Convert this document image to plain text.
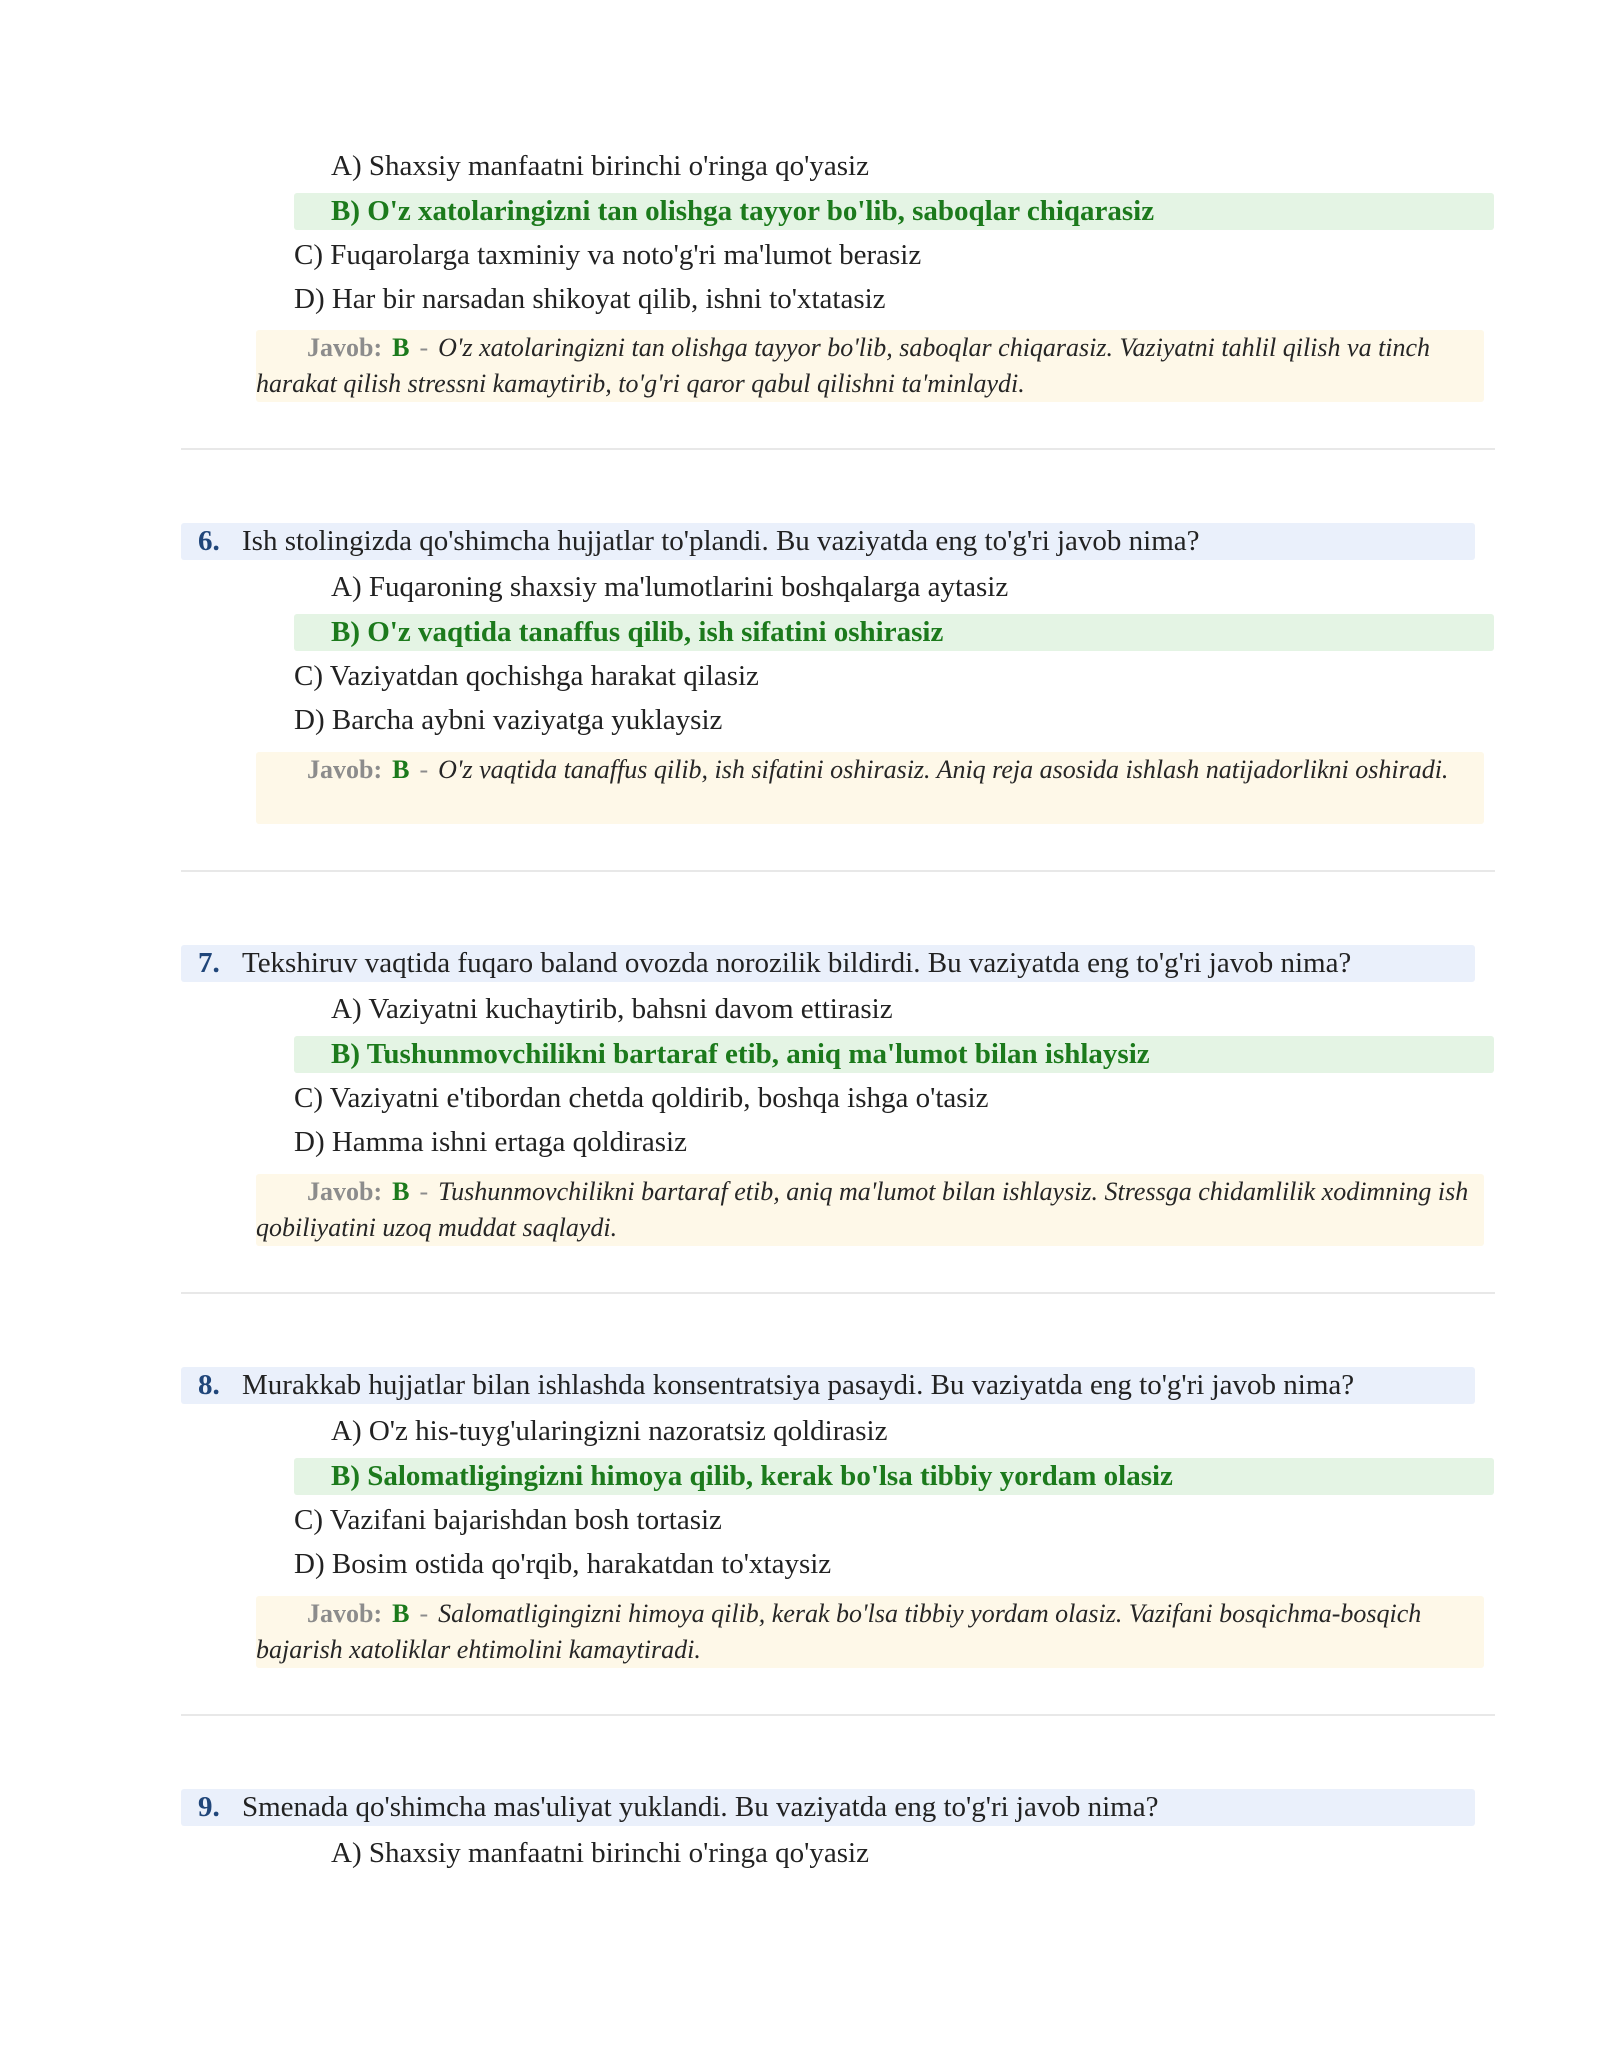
A) Shaxsiy manfaatni birinchi o'ringa qo'yasiz
B) O'z xatolaringizni tan olishga tayyor bo'lib, saboqlar chiqarasiz
C) Fuqarolarga taxminiy va noto'g'ri ma'lumot berasiz
D) Har bir narsadan shikoyat qilib, ishni to'xtatasiz
Javob: B - O'z xatolaringizni tan olishga tayyor bo'lib, saboqlar chiqarasiz. Vaziyatni tahlil qilish va tinch harakat qilish stressni kamaytirib, to'g'ri qaror qabul qilishni ta'minlaydi.
6. Ish stolingizda qo'shimcha hujjatlar to'plandi. Bu vaziyatda eng to'g'ri javob nima?
A) Fuqaroning shaxsiy ma'lumotlarini boshqalarga aytasiz
B) O'z vaqtida tanaffus qilib, ish sifatini oshirasiz
C) Vaziyatdan qochishga harakat qilasiz
D) Barcha aybni vaziyatga yuklaysiz
Javob: B - O'z vaqtida tanaffus qilib, ish sifatini oshirasiz. Aniq reja asosida ishlash natijadorlikni oshiradi.
7. Tekshiruv vaqtida fuqaro baland ovozda norozilik bildirdi. Bu vaziyatda eng to'g'ri javob nima?
A) Vaziyatni kuchaytirib, bahsni davom ettirasiz
B) Tushunmovchilikni bartaraf etib, aniq ma'lumot bilan ishlaysiz
C) Vaziyatni e'tibordan chetda qoldirib, boshqa ishga o'tasiz
D) Hamma ishni ertaga qoldirasiz
Javob: B - Tushunmovchilikni bartaraf etib, aniq ma'lumot bilan ishlaysiz. Stressga chidamlilik xodimning ish qobiliyatini uzoq muddat saqlaydi.
8. Murakkab hujjatlar bilan ishlashda konsentratsiya pasaydi. Bu vaziyatda eng to'g'ri javob nima?
A) O'z his-tuyg'ularingizni nazoratsiz qoldirasiz
B) Salomatligingizni himoya qilib, kerak bo'lsa tibbiy yordam olasiz
C) Vazifani bajarishdan bosh tortasiz
D) Bosim ostida qo'rqib, harakatdan to'xtaysiz
Javob: B - Salomatligingizni himoya qilib, kerak bo'lsa tibbiy yordam olasiz. Vazifani bosqichma-bosqich bajarish xatoliklar ehtimolini kamaytiradi.
9. Smenada qo'shimcha mas'uliyat yuklandi. Bu vaziyatda eng to'g'ri javob nima?
A) Shaxsiy manfaatni birinchi o'ringa qo'yasiz
